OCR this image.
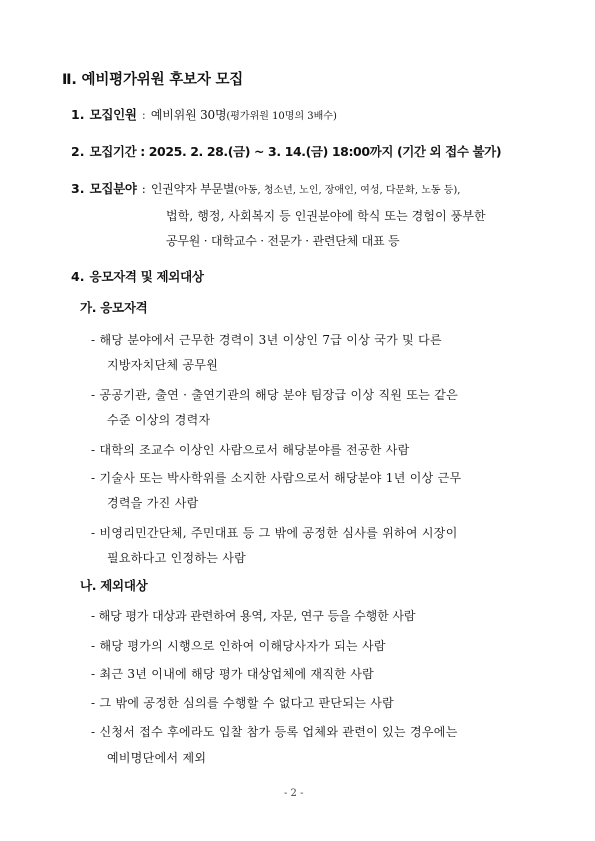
Ⅱ. 예비평가위원 후보자 모집
1. 모집인원 : 예비위원 30명(평가위원 10명의 3배수)
2. 모집기간 : 2025. 2. 28.(금) ~ 3. 14.(금) 18:00까지 (기간 외 접수 불가)
3. 모집분야 : 인권약자 부문별(아동, 청소년, 노인, 장애인, 여성, 다문화, 노동 등),
법학, 행정, 사회복지 등 인권분야에 학식 또는 경험이 풍부한
공무원 · 대학교수 · 전문가 · 관련단체 대표 등
4. 응모자격 및 제외대상
가. 응모자격
- 해당 분야에서 근무한 경력이 3년 이상인 7급 이상 국가 및 다른
지방자치단체 공무원
- 공공기관, 출연 · 출연기관의 해당 분야 팀장급 이상 직원 또는 같은
수준 이상의 경력자
- 대학의 조교수 이상인 사람으로서 해당분야를 전공한 사람
- 기술사 또는 박사학위를 소지한 사람으로서 해당분야 1년 이상 근무
경력을 가진 사람
- 비영리민간단체, 주민대표 등 그 밖에 공정한 심사를 위하여 시장이
필요하다고 인정하는 사람
나. 제외대상
- 해당 평가 대상과 관련하여 용역, 자문, 연구 등을 수행한 사람
- 해당 평가의 시행으로 인하여 이해당사자가 되는 사람
- 최근 3년 이내에 해당 평가 대상업체에 재직한 사람
- 그 밖에 공정한 심의를 수행할 수 없다고 판단되는 사람
- 신청서 접수 후에라도 입찰 참가 등록 업체와 관련이 있는 경우에는
예비명단에서 제외
- 2 -
